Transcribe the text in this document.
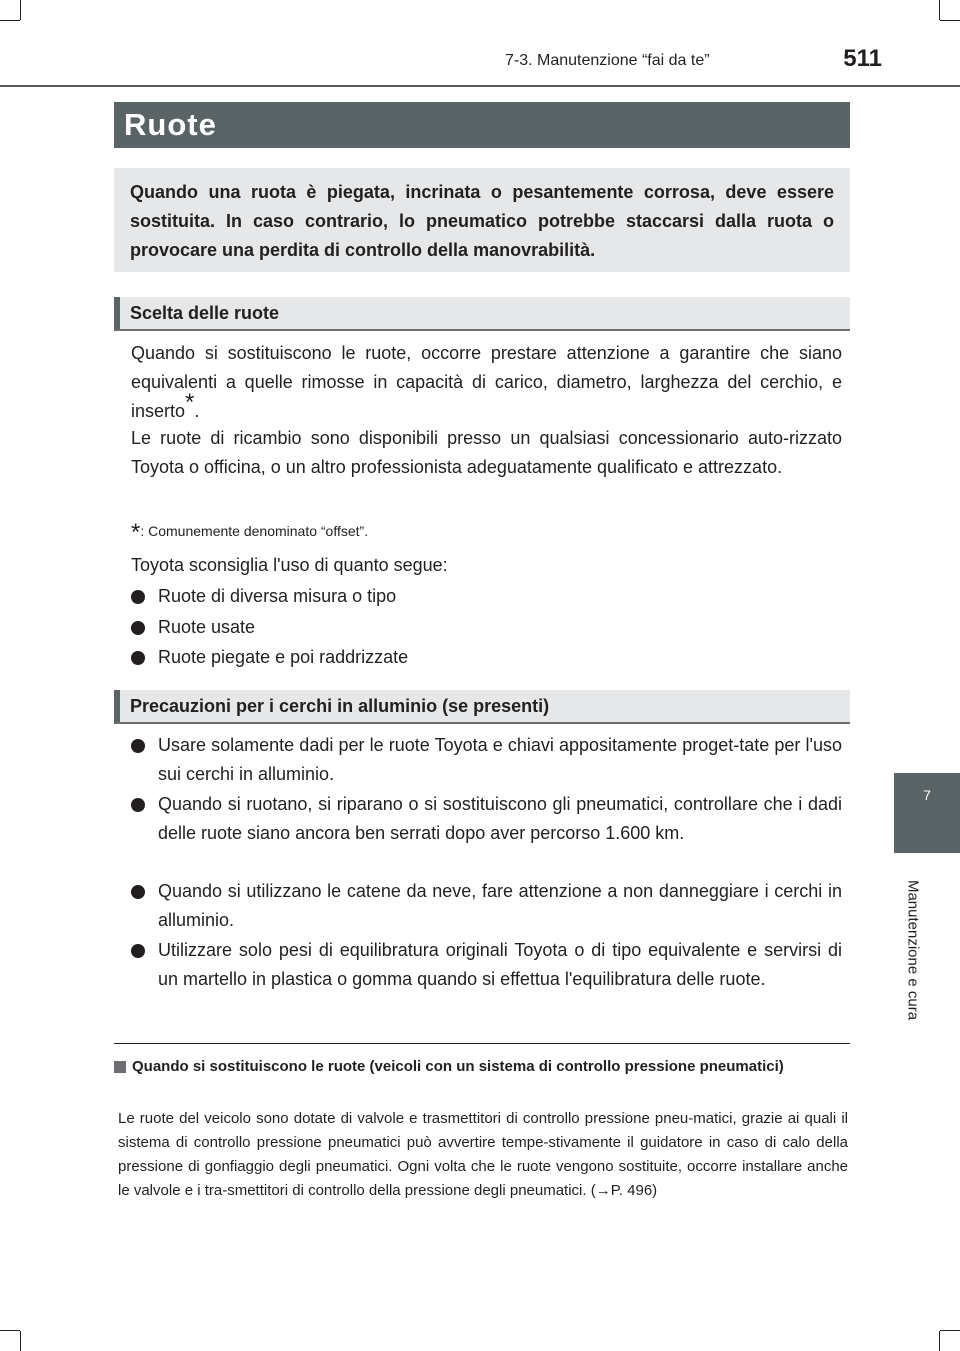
7-3. Manutenzione “fai da te”	511
Ruote

Quando una ruota è piegata, incrinata o pesantemente corrosa, deve essere sostituita. In caso contrario, lo pneumatico potrebbe staccarsi dalla ruota o provocare una perdita di controllo della manovrabilità.

Scelta delle ruote

Quando si sostituiscono le ruote, occorre prestare attenzione a garantire che siano equivalenti a quelle rimosse in capacità di carico, diametro, larghezza del cerchio, e inserto*.

Le ruote di ricambio sono disponibili presso un qualsiasi concessionario auto-rizzato Toyota o officina, o un altro professionista adeguatamente qualificato e attrezzato.

*: Comunemente denominato “offset”.

Toyota sconsiglia l'uso di quanto segue:

Ruote di diversa misura o tipo
Ruote usate
Ruote piegate e poi raddrizzate
Precauzioni per i cerchi in alluminio (se presenti)
Usare solamente dadi per le ruote Toyota e chiavi appositamente proget-tate per l'uso sui cerchi in alluminio.
Quando si ruotano, si riparano o si sostituiscono gli pneumatici, controllare che i dadi delle ruote siano ancora ben serrati dopo aver percorso 1.600 km.
Quando si utilizzano le catene da neve, fare attenzione a non danneggiare i cerchi in alluminio.
Utilizzare solo pesi di equilibratura originali Toyota o di tipo equivalente e servirsi di un martello in plastica o gomma quando si effettua l'equilibratura delle ruote.
Quando si sostituiscono le ruote (veicoli con un sistema di controllo pressione pneumatici)

Le ruote del veicolo sono dotate di valvole e trasmettitori di controllo pressione pneu-matici, grazie ai quali il sistema di controllo pressione pneumatici può avvertire tempe-stivamente il guidatore in caso di calo della pressione di gonfiaggio degli pneumatici. Ogni volta che le ruote vengono sostituite, occorre installare anche le valvole e i tra-smettitori di controllo della pressione degli pneumatici. (→P. 496)

7
Manutenzione e cura
